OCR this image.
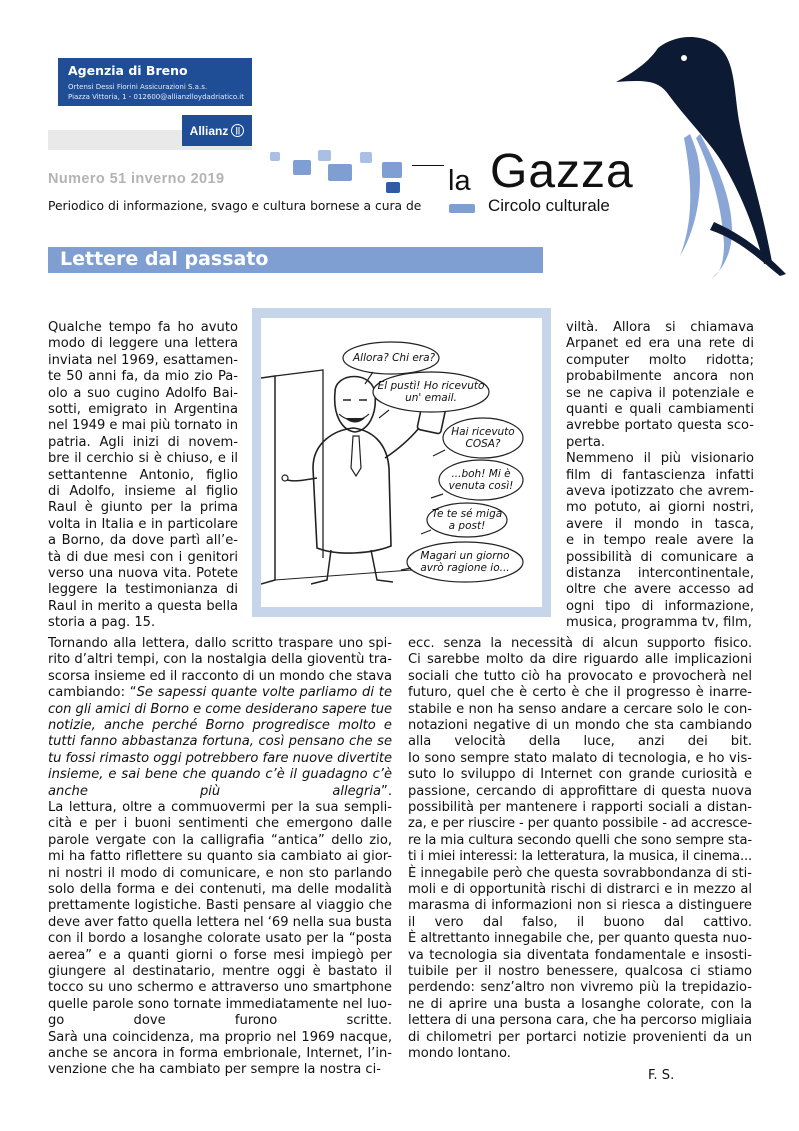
Agenzia di Breno
Ortensi Dessi Fiorini Assicurazioni S.a.s.
Piazza Vittoria, 1 - 012600@allianzlloydadriatico.it
Allianz ||
Numero 51 inverno 2019
Periodico di informazione, svago e cultura bornese a cura de
la Gazza
Circolo culturale
Lettere dal passato
Allora? Chi era?
El pustì! Ho ricevuto
un' email.
Hai ricevuto
COSA?
...boh! Mi è
venuta così!
Te te sé miga
a post!
Magari un giorno
avrò ragione io...
Qualche tempo fa ho avuto
modo di leggere una lettera
inviata nel 1969, esattamen-
te 50 anni fa, da mio zio Pa-
olo a suo cugino Adolfo Bai-
sotti, emigrato in Argentina
nel 1949 e mai più tornato in
patria. Agli inizi di novem-
bre il cerchio si è chiuso, e il
settantenne Antonio, figlio
di Adolfo, insieme al figlio
Raul è giunto per la prima
volta in Italia e in particolare
a Borno, da dove partì all’e-
tà di due mesi con i genitori
verso una nuova vita. Potete
leggere la testimonianza di
Raul in merito a questa bella
storia a pag. 15.
Tornando alla lettera, dallo scritto traspare uno spi-
rito d’altri tempi, con la nostalgia della gioventù tra-
scorsa insieme ed il racconto di un mondo che stava
cambiando: “Se sapessi quante volte parliamo di te
con gli amici di Borno e come desiderano sapere tue
notizie, anche perché Borno progredisce molto e
tutti fanno abbastanza fortuna, così pensano che se
tu fossi rimasto oggi potrebbero fare nuove divertite
insieme, e sai bene che quando c’è il guadagno c’è
anche più allegria”.
La lettura, oltre a commuovermi per la sua sempli-
cità e per i buoni sentimenti che emergono dalle
parole vergate con la calligrafia “antica” dello zio,
mi ha fatto riflettere su quanto sia cambiato ai gior-
ni nostri il modo di comunicare, e non sto parlando
solo della forma e dei contenuti, ma delle modalità
prettamente logistiche. Basti pensare al viaggio che
deve aver fatto quella lettera nel ‘69 nella sua busta
con il bordo a losanghe colorate usato per la “posta
aerea” e a quanti giorni o forse mesi impiegò per
giungere al destinatario, mentre oggi è bastato il
tocco su uno schermo e attraverso uno smartphone
quelle parole sono tornate immediatamente nel luo-
go dove furono scritte.
Sarà una coincidenza, ma proprio nel 1969 nacque,
anche se ancora in forma embrionale, Internet, l’in-
venzione che ha cambiato per sempre la nostra ci-
viltà. Allora si chiamava
Arpanet ed era una rete di
computer molto ridotta;
probabilmente ancora non
se ne capiva il potenziale e
quanti e quali cambiamenti
avrebbe portato questa sco-
perta.
Nemmeno il più visionario
film di fantascienza infatti
aveva ipotizzato che avrem-
mo potuto, ai giorni nostri,
avere il mondo in tasca,
e in tempo reale avere la
possibilità di comunicare a
distanza intercontinentale,
oltre che avere accesso ad
ogni tipo di informazione,
musica, programma tv, film,
ecc. senza la necessità di alcun supporto fisico.
Ci sarebbe molto da dire riguardo alle implicazioni
sociali che tutto ciò ha provocato e provocherà nel
futuro, quel che è certo è che il progresso è inarre-
stabile e non ha senso andare a cercare solo le con-
notazioni negative di un mondo che sta cambiando
alla velocità della luce, anzi dei bit.
Io sono sempre stato malato di tecnologia, e ho vis-
suto lo sviluppo di Internet con grande curiosità e
passione, cercando di approfittare di questa nuova
possibilità per mantenere i rapporti sociali a distan-
za, e per riuscire - per quanto possibile - ad accresce-
re la mia cultura secondo quelli che sono sempre sta-
ti i miei interessi: la letteratura, la musica, il cinema...
È innegabile però che questa sovrabbondanza di sti-
moli e di opportunità rischi di distrarci e in mezzo al
marasma di informazioni non si riesca a distinguere
il vero dal falso, il buono dal cattivo.
È altrettanto innegabile che, per quanto questa nuo-
va tecnologia sia diventata fondamentale e insosti-
tuibile per il nostro benessere, qualcosa ci stiamo
perdendo: senz’altro non vivremo più la trepidazio-
ne di aprire una busta a losanghe colorate, con la
lettera di una persona cara, che ha percorso migliaia
di chilometri per portarci notizie provenienti da un
mondo lontano.
F. S.
